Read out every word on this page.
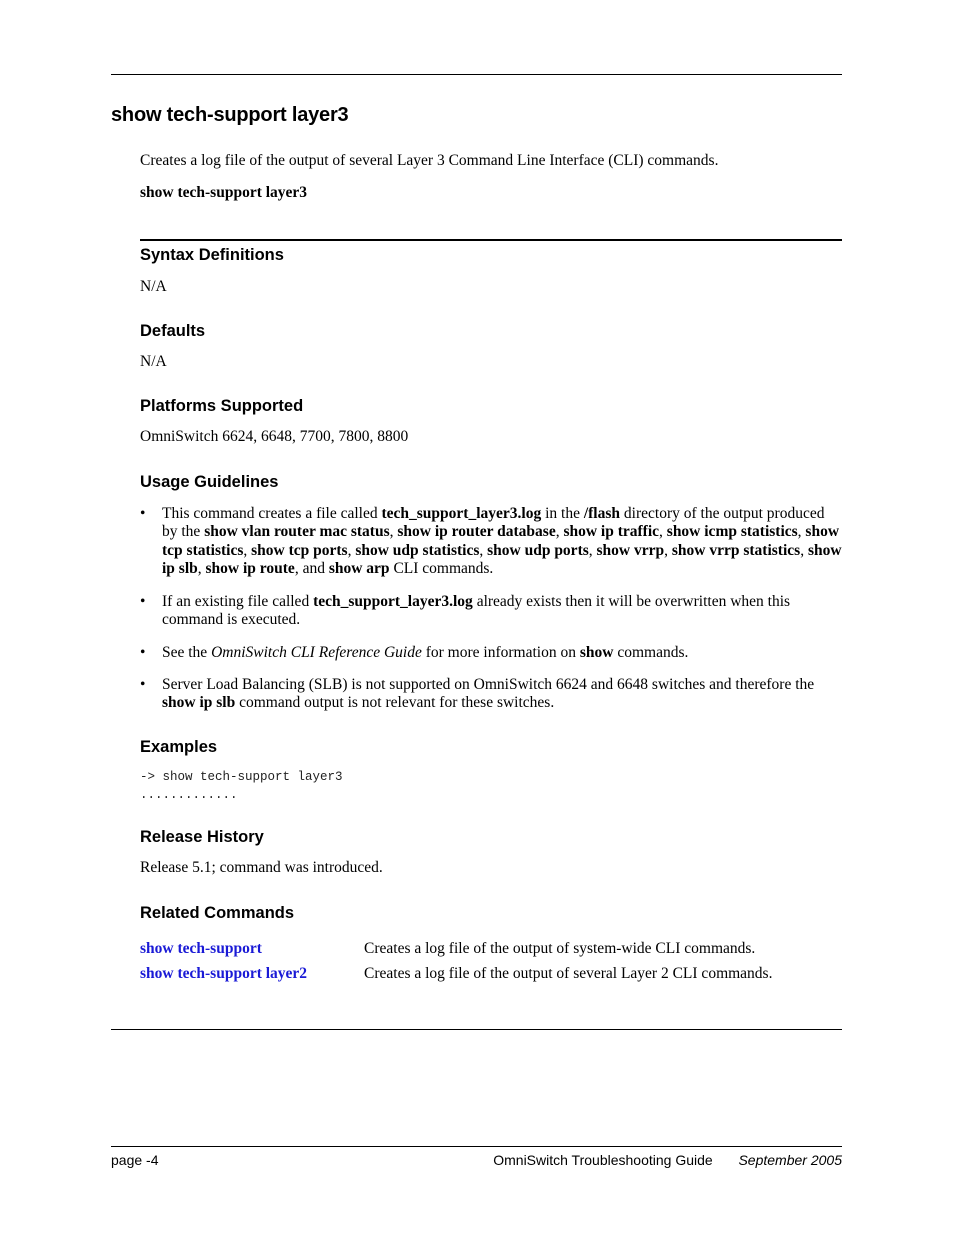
show tech-support layer3
Creates a log file of the output of several Layer 3 Command Line Interface (CLI) commands.
show tech-support layer3
Syntax Definitions
N/A
Defaults
N/A
Platforms Supported
OmniSwitch 6624, 6648, 7700, 7800, 8800
Usage Guidelines
•	This command creates a file called tech_support_layer3.log in the /flash directory of the output produced by the show vlan router mac status, show ip router database, show ip traffic, show icmp statistics, show tcp statistics, show tcp ports, show udp statistics, show udp ports, show vrrp, show vrrp statistics, show ip slb, show ip route, and show arp CLI commands.
•	If an existing file called tech_support_layer3.log already exists then it will be overwritten when this command is executed.
•	See the OmniSwitch CLI Reference Guide for more information on show commands.
•	Server Load Balancing (SLB) is not supported on OmniSwitch 6624 and 6648 switches and therefore the show ip slb command output is not relevant for these switches.
Examples
-> show tech-support layer3
.............
Release History
Release 5.1; command was introduced.
Related Commands
show tech-support	Creates a log file of the output of system-wide CLI commands.
show tech-support layer2	Creates a log file of the output of several Layer 2 CLI commands.
page -4	OmniSwitch Troubleshooting Guide September 2005
